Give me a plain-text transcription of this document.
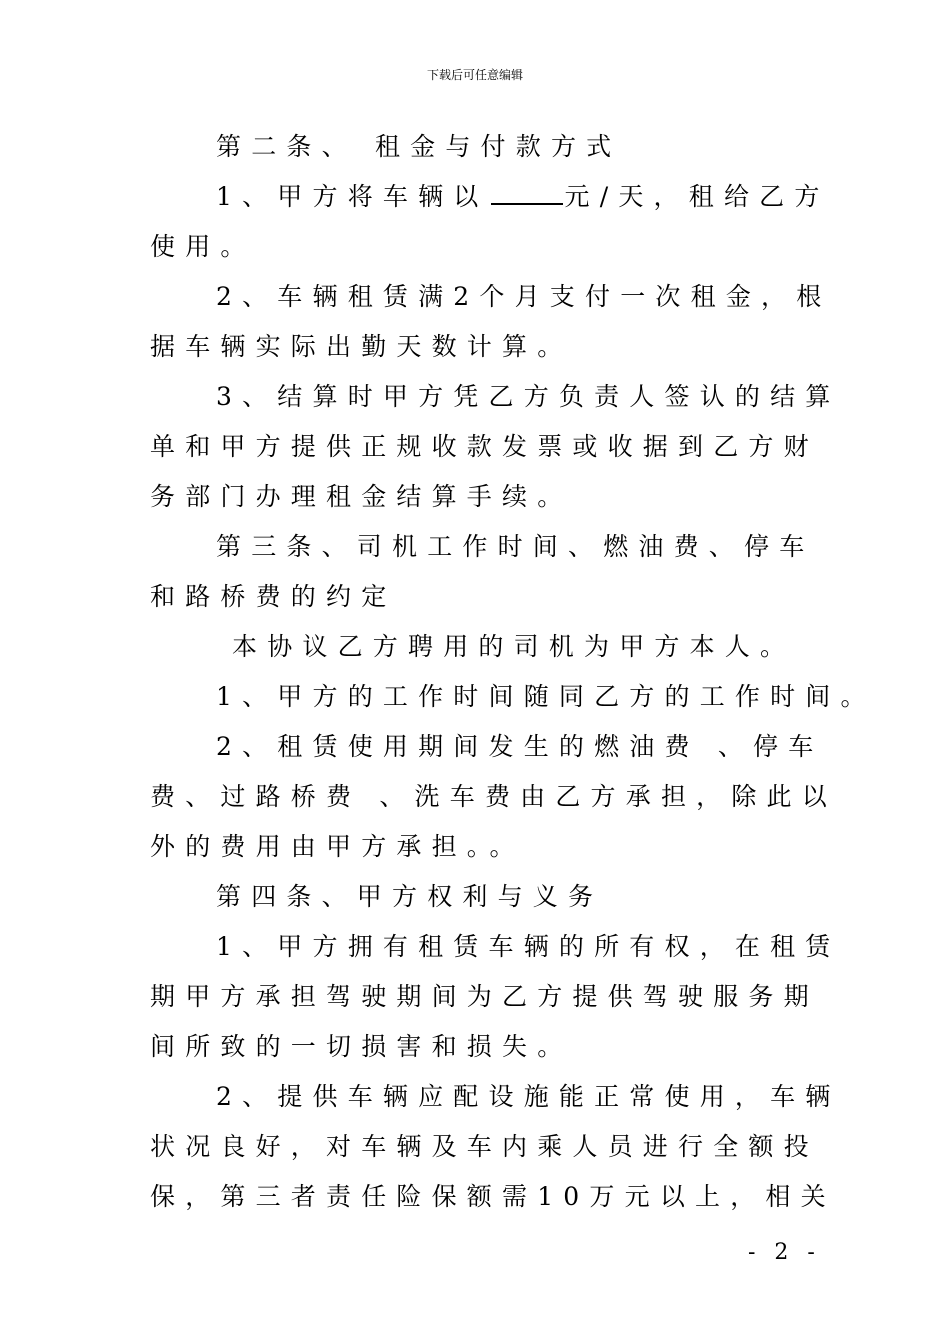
下载后可任意编辑
第二条、 租金与付款方式
1、甲方将车辆以	元/天，租给乙方
使用。
2、车辆租赁满2个月支付一次租金，根
据车辆实际出勤天数计算。
3、结算时甲方凭乙方负责人签认的结算
单和甲方提供正规收款发票或收据到乙方财
务部门办理租金结算手续。
第三条、司机工作时间、燃油费、停车
和路桥费的约定
本协议乙方聘用的司机为甲方本人。
1、甲方的工作时间随同乙方的工作时间。
2、租赁使用期间发生的燃油费 、停车
费、过路桥费 、洗车费由乙方承担，除此以
外的费用由甲方承担。。
第四条、甲方权利与义务
1、甲方拥有租赁车辆的所有权，在租赁
期甲方承担驾驶期间为乙方提供驾驶服务期
间所致的一切损害和损失。
2、提供车辆应配设施能正常使用，车辆
状况良好，对车辆及车内乘人员进行全额投
保，第三者责任险保额需10万元以上，相关
- 2 -
